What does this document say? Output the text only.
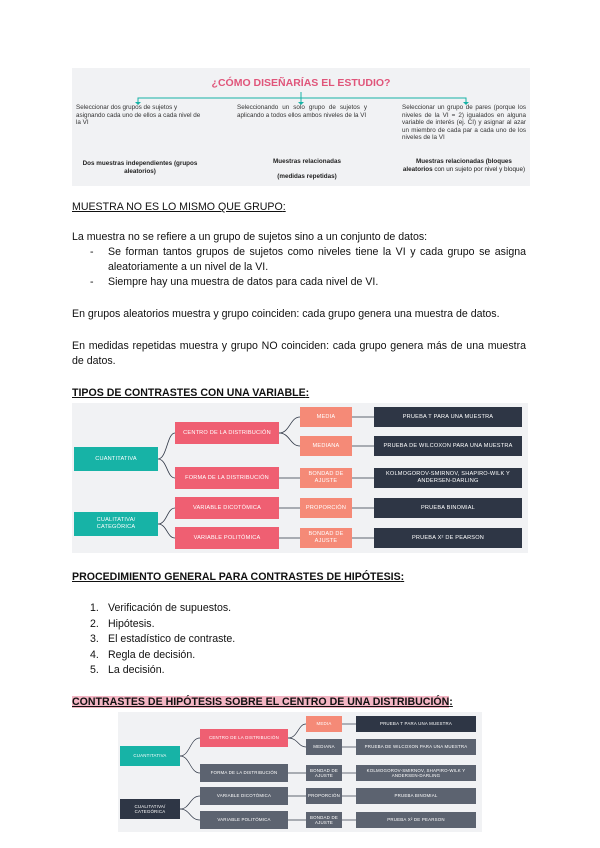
¿CÓMO DISEÑARÍAS EL ESTUDIO?
Seleccionar dos grupos de sujetos y asignando cada uno de ellos a cada nivel de la VI
Seleccionando un solo grupo de sujetos y aplicando a todos ellos ambos niveles de la VI
Seleccionar un grupo de pares (porque los niveles de la VI = 2) igualados en alguna variable de interés (ej. CI) y asignar al azar un miembro de cada par a cada uno de los niveles de la VI
Dos muestras independientes (grupos aleatorios)
Muestras relacionadas

(medidas repetidas)
Muestras relacionadas (bloques aleatorios con un sujeto por nivel y bloque)
MUESTRA NO ES LO MISMO QUE GRUPO:
La muestra no se refiere a un grupo de sujetos sino a un conjunto de datos:
- Se forman tantos grupos de sujetos como niveles tiene la VI y cada grupo se asigna aleatoriamente a un nivel de la VI.
- Siempre hay una muestra de datos para cada nivel de VI.
En grupos aleatorios muestra y grupo coinciden: cada grupo genera una muestra de datos.
En medidas repetidas muestra y grupo NO coinciden: cada grupo genera más de una muestra de datos.
TIPOS DE CONTRASTES CON UNA VARIABLE:
CUANTITATIVA
CUALITATIVA/ CATEGÓRICA
CENTRO DE LA DISTRIBUCIÓN
FORMA DE LA DISTRIBUCIÓN
VARIABLE DICOTÓMICA
VARIABLE POLITÓMICA
MEDIA
MEDIANA
BONDAD DE AJUSTE
PROPORCIÓN
BONDAD DE AJUSTE
PRUEBA T PARA UNA MUESTRA
PRUEBA DE WILCOXON PARA UNA MUESTRA
KOLMOGOROV-SMIRNOV, SHAPIRO-WILK Y ANDERSEN-DARLING
PRUEBA BINOMIAL
PRUEBA X² DE PEARSON
PROCEDIMIENTO GENERAL PARA CONTRASTES DE HIPÓTESIS:
1. Verificación de supuestos.
2. Hipótesis.
3. El estadístico de contraste.
4. Regla de decisión.
5. La decisión.
CONTRASTES DE HIPÓTESIS SOBRE EL CENTRO DE UNA DISTRIBUCIÓN:
CUANTITATIVA
CUALITATIVA/ CATEGÓRICA
CENTRO DE LA DISTRIBUCIÓN
FORMA DE LA DISTRIBUCIÓN
VARIABLE DICOTÓMICA
VARIABLE POLITÓMICA
MEDIA
MEDIANA
BONDAD DE AJUSTE
PROPORCIÓN
BONDAD DE AJUSTE
PRUEBA T PARA UNA MUESTRA
PRUEBA DE WILCOXON PARA UNA MUESTRA
KOLMOGOROV-SMIRNOV, SHAPIRO-WILK Y ANDERSEN-DARLING
PRUEBA BINOMIAL
PRUEBA X² DE PEARSON
